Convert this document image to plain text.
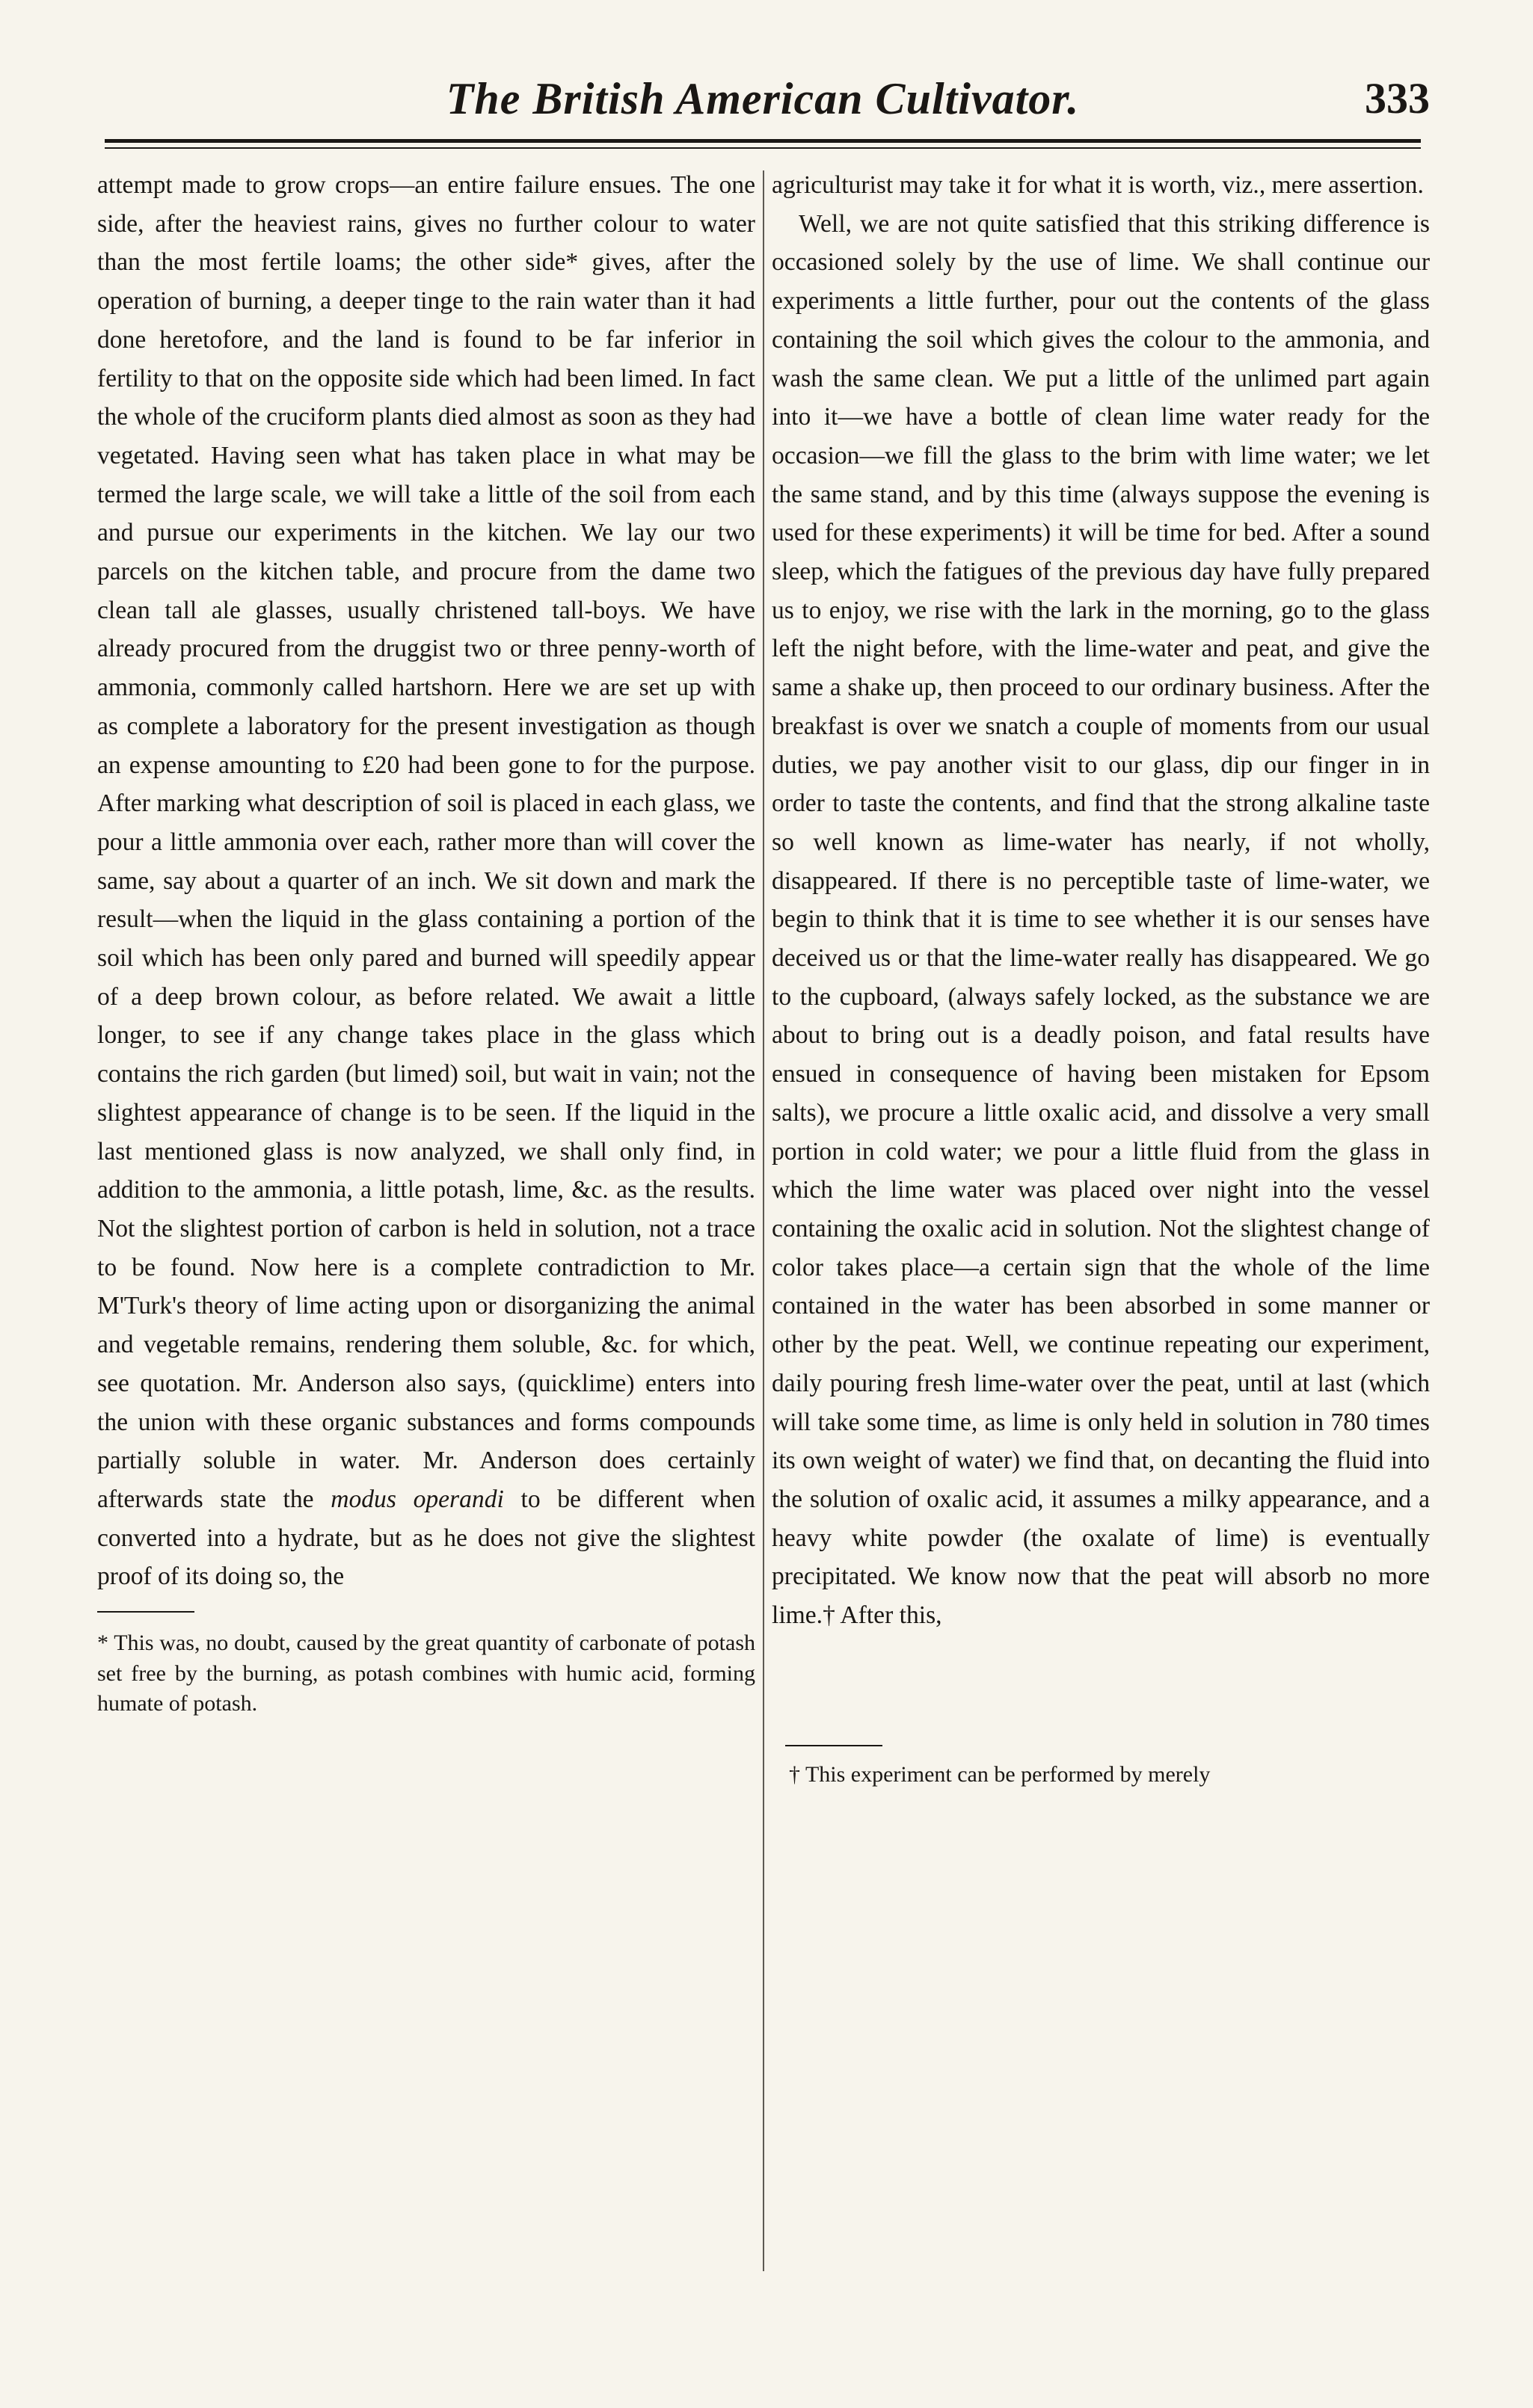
The British American Cultivator.	333

attempt made to grow crops—an entire failure ensues. The one side, after the heaviest rains, gives no further colour to water than the most fertile loams; the other side* gives, after the operation of burning, a deeper tinge to the rain water than it had done heretofore, and the land is found to be far inferior in fertility to that on the opposite side which had been limed. In fact the whole of the cruciform plants died almost as soon as they had vegetated. Having seen what has taken place in what may be termed the large scale, we will take a little of the soil from each and pursue our experiments in the kitchen. We lay our two parcels on the kitchen table, and procure from the dame two clean tall ale glasses, usually christened tall-boys. We have already procured from the druggist two or three penny-worth of ammonia, commonly called hartshorn. Here we are set up with as complete a laboratory for the present investigation as though an expense amounting to £20 had been gone to for the purpose. After marking what description of soil is placed in each glass, we pour a little ammonia over each, rather more than will cover the same, say about a quarter of an inch. We sit down and mark the result—when the liquid in the glass containing a portion of the soil which has been only pared and burned will speedily appear of a deep brown colour, as before related. We await a little longer, to see if any change takes place in the glass which contains the rich garden (but limed) soil, but wait in vain; not the slightest appearance of change is to be seen. If the liquid in the last mentioned glass is now analyzed, we shall only find, in addition to the ammonia, a little potash, lime, &c. as the results. Not the slightest portion of carbon is held in solution, not a trace to be found. Now here is a complete contradiction to Mr. M'Turk's theory of lime acting upon or disorganizing the animal and vegetable remains, rendering them soluble, &c. for which, see quotation. Mr. Anderson also says, (quicklime) enters into the union with these organic substances and forms compounds partially soluble in water. Mr. Anderson does certainly afterwards state the modus operandi to be different when converted into a hydrate, but as he does not give the slightest proof of its doing so, the

agriculturist may take it for what it is worth, viz., mere assertion.

Well, we are not quite satisfied that this striking difference is occasioned solely by the use of lime. We shall continue our experiments a little further, pour out the contents of the glass containing the soil which gives the colour to the ammonia, and wash the same clean. We put a little of the unlimed part again into it—we have a bottle of clean lime water ready for the occasion—we fill the glass to the brim with lime water; we let the same stand, and by this time (always suppose the evening is used for these experiments) it will be time for bed. After a sound sleep, which the fatigues of the previous day have fully prepared us to enjoy, we rise with the lark in the morning, go to the glass left the night before, with the lime-water and peat, and give the same a shake up, then proceed to our ordinary business. After the breakfast is over we snatch a couple of moments from our usual duties, we pay another visit to our glass, dip our finger in in order to taste the contents, and find that the strong alkaline taste so well known as lime-water has nearly, if not wholly, disappeared. If there is no perceptible taste of lime-water, we begin to think that it is time to see whether it is our senses have deceived us or that the lime-water really has disappeared. We go to the cupboard, (always safely locked, as the substance we are about to bring out is a deadly poison, and fatal results have ensued in consequence of having been mistaken for Epsom salts), we procure a little oxalic acid, and dissolve a very small portion in cold water; we pour a little fluid from the glass in which the lime water was placed over night into the vessel containing the oxalic acid in solution. Not the slightest change of color takes place—a certain sign that the whole of the lime contained in the water has been absorbed in some manner or other by the peat. Well, we continue repeating our experiment, daily pouring fresh lime-water over the peat, until at last (which will take some time, as lime is only held in solution in 780 times its own weight of water) we find that, on decanting the fluid into the solution of oxalic acid, it assumes a milky appearance, and a heavy white powder (the oxalate of lime) is eventually precipitated. We know now that the peat will absorb no more lime.† After this,

* This was, no doubt, caused by the great quantity of carbonate of potash set free by the burning, as potash combines with humic acid, forming humate of potash.

† This experiment can be performed by merely
